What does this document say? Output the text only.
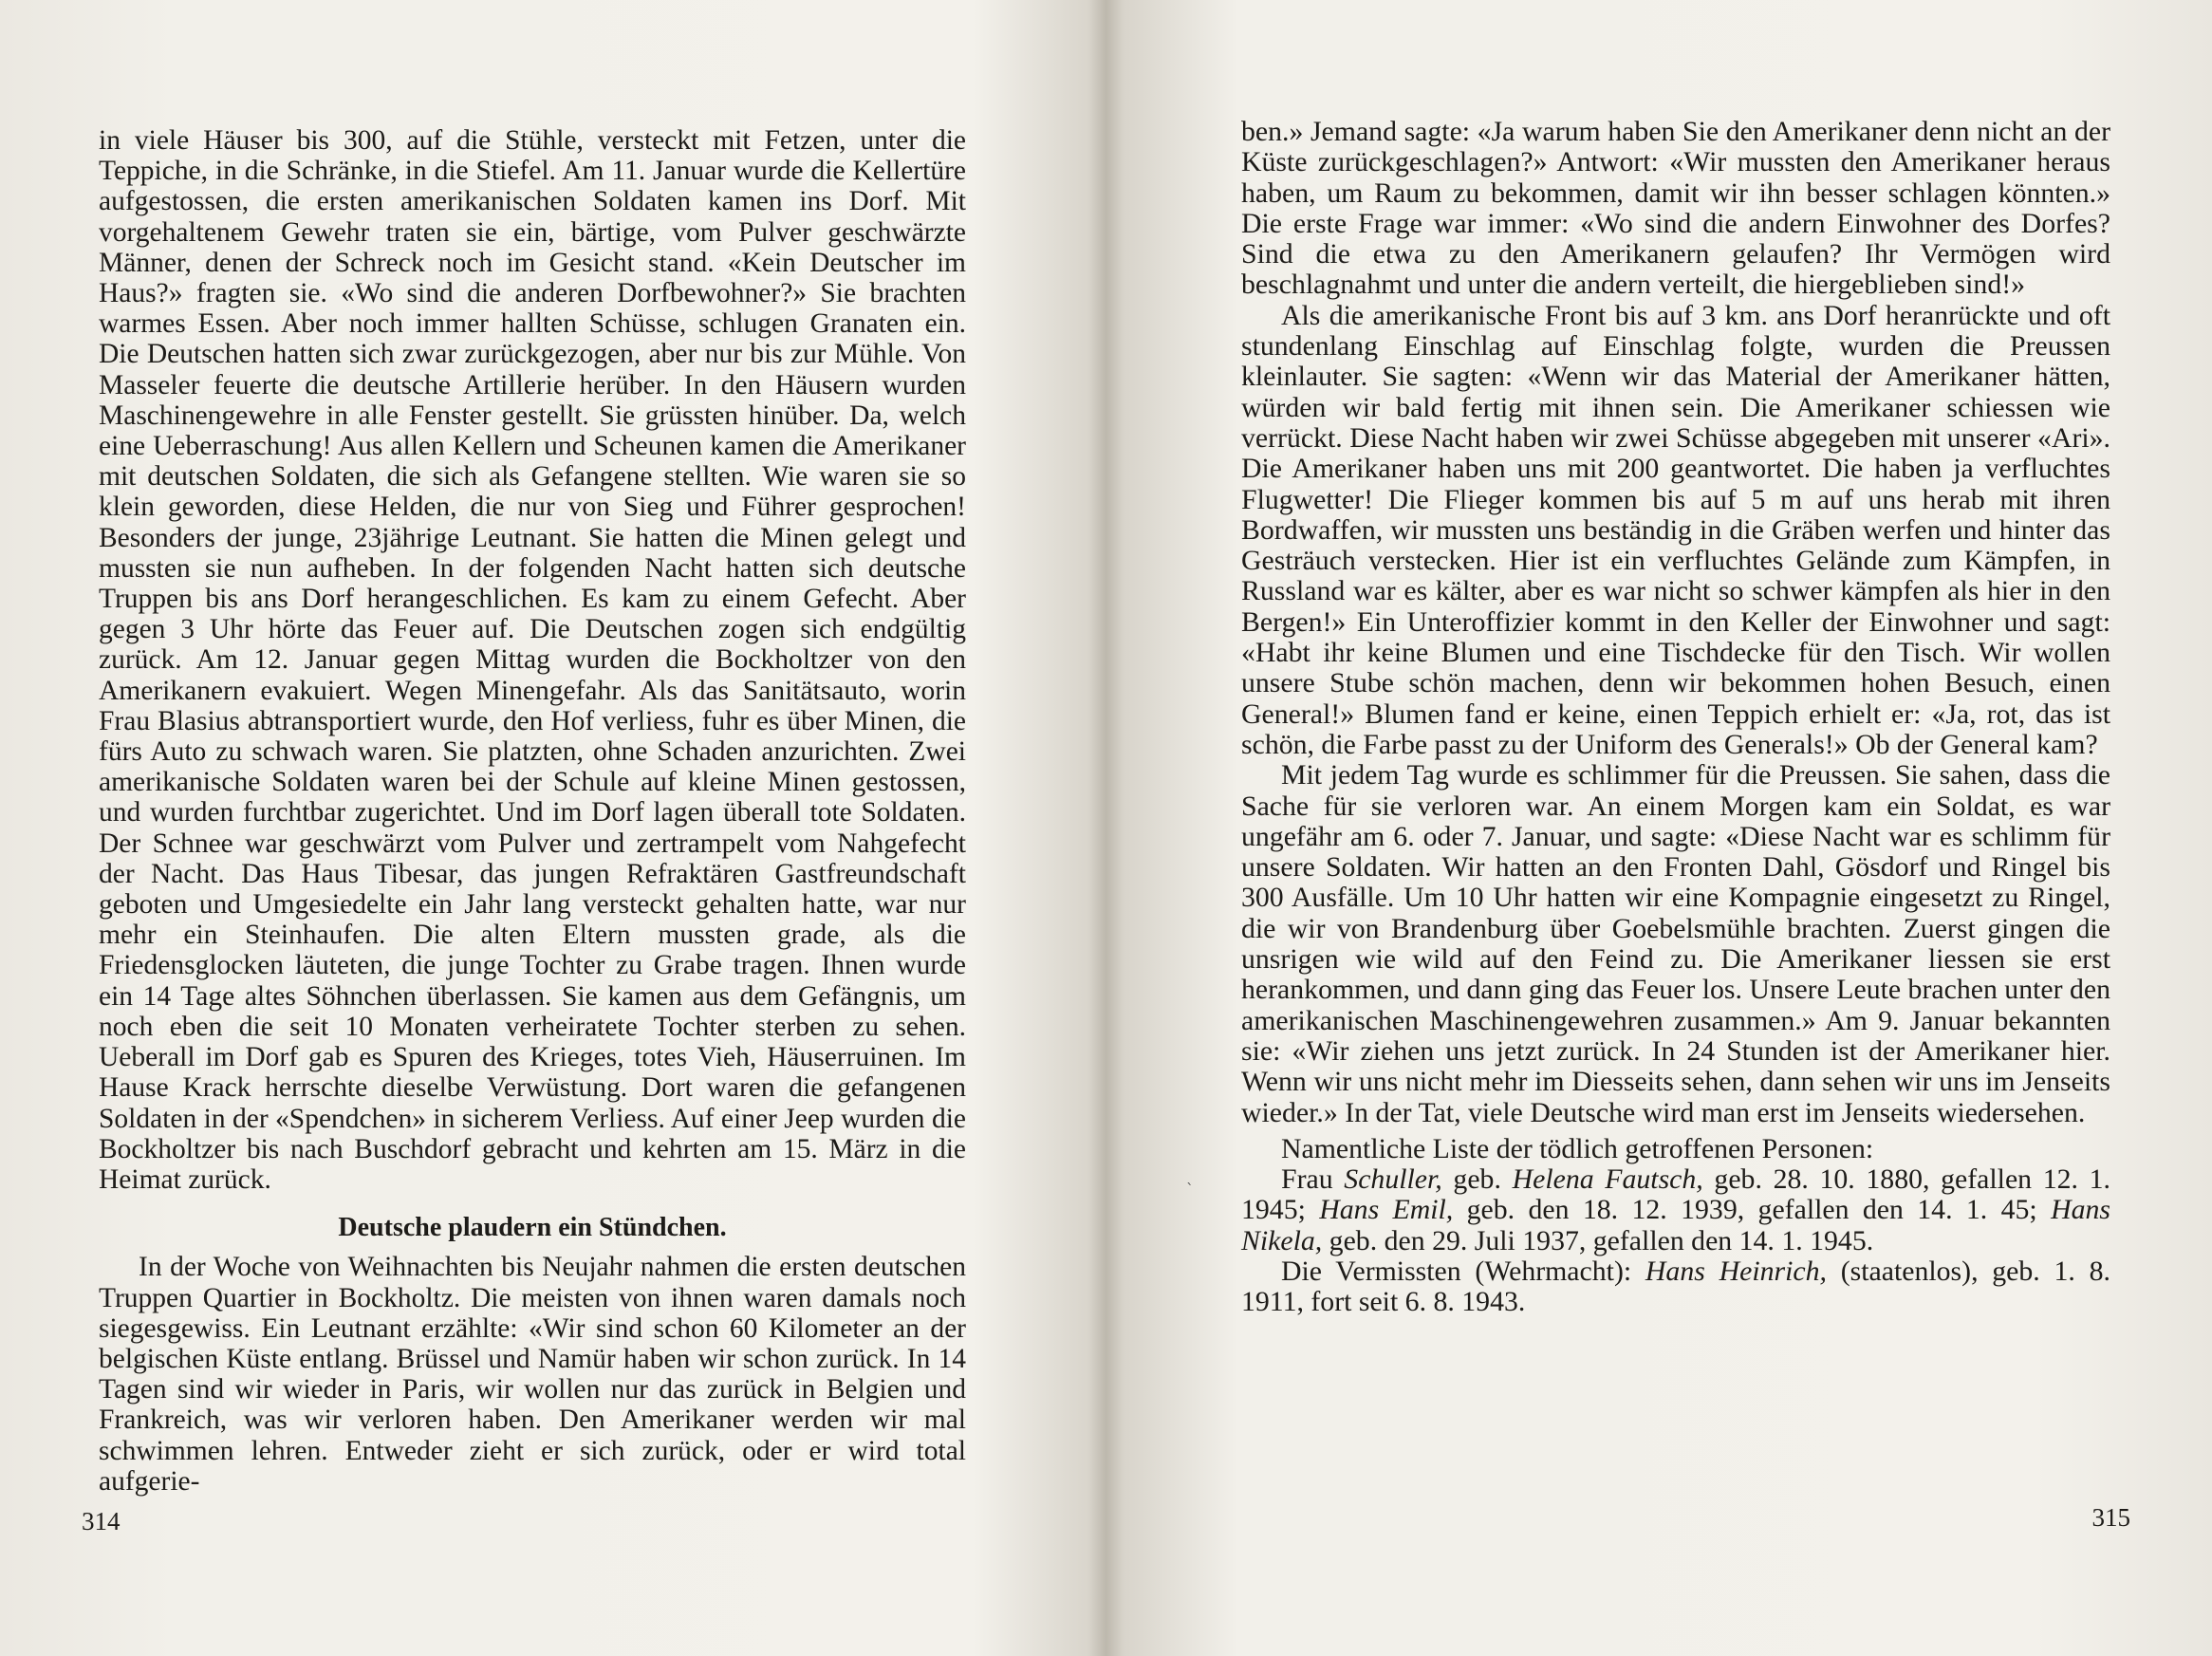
in viele Häuser bis 300, auf die Stühle, versteckt mit Fetzen, unter die Teppiche, in die Schränke, in die Stiefel. Am 11. Januar wurde die Kellertüre aufgestossen, die ersten amerikanischen Soldaten kamen ins Dorf. Mit vorgehaltenem Gewehr traten sie ein, bärtige, vom Pulver geschwärzte Männer, denen der Schreck noch im Gesicht stand. «Kein Deutscher im Haus?» fragten sie. «Wo sind die anderen Dorfbewohner?» Sie brachten warmes Essen. Aber noch immer hallten Schüsse, schlugen Granaten ein. Die Deutschen hatten sich zwar zurückgezogen, aber nur bis zur Mühle. Von Masseler feuerte die deutsche Artillerie herüber. In den Häusern wurden Maschinengewehre in alle Fenster gestellt. Sie grüssten hinüber. Da, welch eine Ueberraschung! Aus allen Kellern und Scheunen kamen die Amerikaner mit deutschen Soldaten, die sich als Gefangene stellten. Wie waren sie so klein geworden, diese Helden, die nur von Sieg und Führer gesprochen! Besonders der junge, 23jährige Leutnant. Sie hatten die Minen gelegt und mussten sie nun aufheben. In der folgenden Nacht hatten sich deutsche Truppen bis ans Dorf herangeschlichen. Es kam zu einem Gefecht. Aber gegen 3 Uhr hörte das Feuer auf. Die Deutschen zogen sich endgültig zurück. Am 12. Januar gegen Mittag wurden die Bockholtzer von den Amerikanern evakuiert. Wegen Minengefahr. Als das Sanitätsauto, worin Frau Blasius abtransportiert wurde, den Hof verliess, fuhr es über Minen, die fürs Auto zu schwach waren. Sie platzten, ohne Schaden anzurichten. Zwei amerikanische Soldaten waren bei der Schule auf kleine Minen gestossen, und wurden furchtbar zugerichtet. Und im Dorf lagen überall tote Soldaten. Der Schnee war geschwärzt vom Pulver und zertrampelt vom Nahgefecht der Nacht. Das Haus Tibesar, das jungen Refraktären Gastfreundschaft geboten und Umgesiedelte ein Jahr lang versteckt gehalten hatte, war nur mehr ein Steinhaufen. Die alten Eltern mussten grade, als die Friedensglocken läuteten, die junge Tochter zu Grabe tragen. Ihnen wurde ein 14 Tage altes Söhnchen überlassen. Sie kamen aus dem Gefängnis, um noch eben die seit 10 Monaten verheiratete Tochter sterben zu sehen. Ueberall im Dorf gab es Spuren des Krieges, totes Vieh, Häuserruinen. Im Hause Krack herrschte dieselbe Verwüstung. Dort waren die gefangenen Soldaten in der «Spendchen» in sicherem Verliess. Auf einer Jeep wurden die Bockholtzer bis nach Buschdorf gebracht und kehrten am 15. März in die Heimat zurück.

Deutsche plaudern ein Stündchen.

In der Woche von Weihnachten bis Neujahr nahmen die ersten deutschen Truppen Quartier in Bockholtz. Die meisten von ihnen waren damals noch siegesgewiss. Ein Leutnant erzählte: «Wir sind schon 60 Kilometer an der belgischen Küste entlang. Brüssel und Namür haben wir schon zurück. In 14 Tagen sind wir wieder in Paris, wir wollen nur das zurück in Belgien und Frankreich, was wir verloren haben. Den Amerikaner werden wir mal schwimmen lehren. Entweder zieht er sich zurück, oder er wird total aufgerie-

314

ben.» Jemand sagte: «Ja warum haben Sie den Amerikaner denn nicht an der Küste zurückgeschlagen?» Antwort: «Wir mussten den Amerikaner heraus haben, um Raum zu bekommen, damit wir ihn besser schlagen könnten.» Die erste Frage war immer: «Wo sind die andern Einwohner des Dorfes? Sind die etwa zu den Amerikanern gelaufen? Ihr Vermögen wird beschlagnahmt und unter die andern verteilt, die hiergeblieben sind!»

Als die amerikanische Front bis auf 3 km. ans Dorf heranrückte und oft stundenlang Einschlag auf Einschlag folgte, wurden die Preussen kleinlauter. Sie sagten: «Wenn wir das Material der Amerikaner hätten, würden wir bald fertig mit ihnen sein. Die Amerikaner schiessen wie verrückt. Diese Nacht haben wir zwei Schüsse abgegeben mit unserer «Ari». Die Amerikaner haben uns mit 200 geantwortet. Die haben ja verfluchtes Flugwetter! Die Flieger kommen bis auf 5 m auf uns herab mit ihren Bordwaffen, wir mussten uns beständig in die Gräben werfen und hinter das Gesträuch verstecken. Hier ist ein verfluchtes Gelände zum Kämpfen, in Russland war es kälter, aber es war nicht so schwer kämpfen als hier in den Bergen!» Ein Unteroffizier kommt in den Keller der Einwohner und sagt: «Habt ihr keine Blumen und eine Tischdecke für den Tisch. Wir wollen unsere Stube schön machen, denn wir bekommen hohen Besuch, einen General!» Blumen fand er keine, einen Teppich erhielt er: «Ja, rot, das ist schön, die Farbe passt zu der Uniform des Generals!» Ob der General kam?

Mit jedem Tag wurde es schlimmer für die Preussen. Sie sahen, dass die Sache für sie verloren war. An einem Morgen kam ein Soldat, es war ungefähr am 6. oder 7. Januar, und sagte: «Diese Nacht war es schlimm für unsere Soldaten. Wir hatten an den Fronten Dahl, Gösdorf und Ringel bis 300 Ausfälle. Um 10 Uhr hatten wir eine Kompagnie eingesetzt zu Ringel, die wir von Brandenburg über Goebelsmühle brachten. Zuerst gingen die unsrigen wie wild auf den Feind zu. Die Amerikaner liessen sie erst herankommen, und dann ging das Feuer los. Unsere Leute brachen unter den amerikanischen Maschinengewehren zusammen.» Am 9. Januar bekannten sie: «Wir ziehen uns jetzt zurück. In 24 Stunden ist der Amerikaner hier. Wenn wir uns nicht mehr im Diesseits sehen, dann sehen wir uns im Jenseits wieder.» In der Tat, viele Deutsche wird man erst im Jenseits wiedersehen.

Namentliche Liste der tödlich getroffenen Personen:

Frau Schuller, geb. Helena Fautsch, geb. 28. 10. 1880, gefallen 12. 1. 1945; Hans Emil, geb. den 18. 12. 1939, gefallen den 14. 1. 45; Hans Nikela, geb. den 29. Juli 1937, gefallen den 14. 1. 1945.

Die Vermissten (Wehrmacht): Hans Heinrich, (staatenlos), geb. 1. 8. 1911, fort seit 6. 8. 1943.

315
`
